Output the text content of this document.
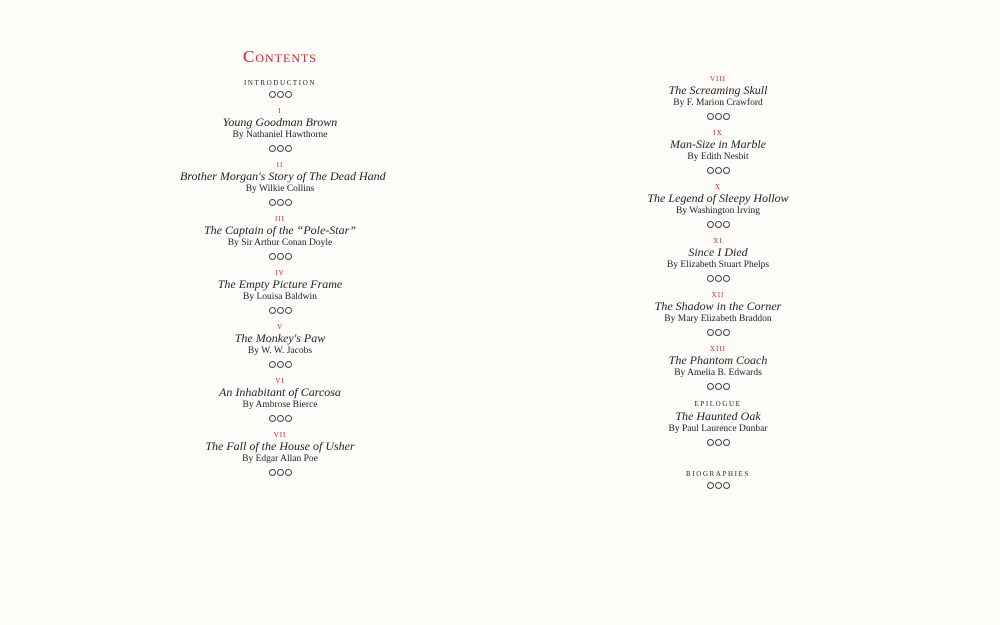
Contents
INTRODUCTION
I
Young Goodman Brown
By Nathaniel Hawthorne
II
Brother Morgan's Story of The Dead Hand
By Wilkie Collins
III
The Captain of the “Pole-Star”
By Sir Arthur Conan Doyle
IV
The Empty Picture Frame
By Louisa Baldwin
V
The Monkey's Paw
By W. W. Jacobs
VI
An Inhabitant of Carcosa
By Ambrose Bierce
VII
The Fall of the House of Usher
By Edgar Allan Poe
VIII
The Screaming Skull
By F. Marion Crawford
IX
Man-Size in Marble
By Edith Nesbit
X
The Legend of Sleepy Hollow
By Washington Irving
XI
Since I Died
By Elizabeth Stuart Phelps
XII
The Shadow in the Corner
By Mary Elizabeth Braddon
XIII
The Phantom Coach
By Amelia B. Edwards
EPILOGUE
The Haunted Oak
By Paul Laurence Dunbar
BIOGRAPHIES
